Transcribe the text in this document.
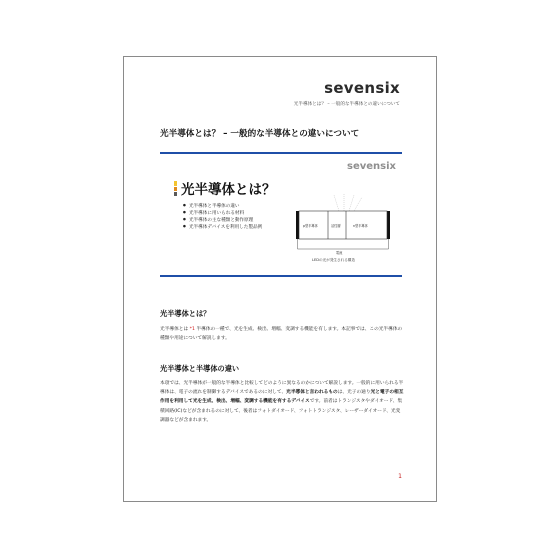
sevensix
光半導体とは？ – 一般的な半導体との違いについて
光半導体とは？ – 一般的な半導体との違いについて
sevensix
光半導体とは？
● 光半導体と半導体の違い
● 光半導体に用いられる材料
● 光半導体の主な種類と動作原理
● 光半導体デバイスを利用した製品例	p型半導体	活性層	n型半導体
電流
LEDの光が発生される構造
光半導体とは？
光半導体とは *1 半導体の一種で、光を生成、検出、増幅、変調する機能を有します。本記事では、この光半導体の種類や用途について解説します。
光半導体と半導体の違い
本項では、光半導体が一般的な半導体と比較してどのように異なるのかについて解説します。一般的に用いられる半導体は、電子の流れを制御するデバイスであるのに対して、光半導体と言われるものは、光子の通り光と電子の相互作用を利用して光を生成、検出、増幅、変調する機能を有するデバイスです。前者はトランジスタやダイオード、集積回路(IC)などが含まれるのに対して、後者はフォトダイオード、フォトトランジスタ、レーザーダイオード、光変調器などが含まれます。
1
